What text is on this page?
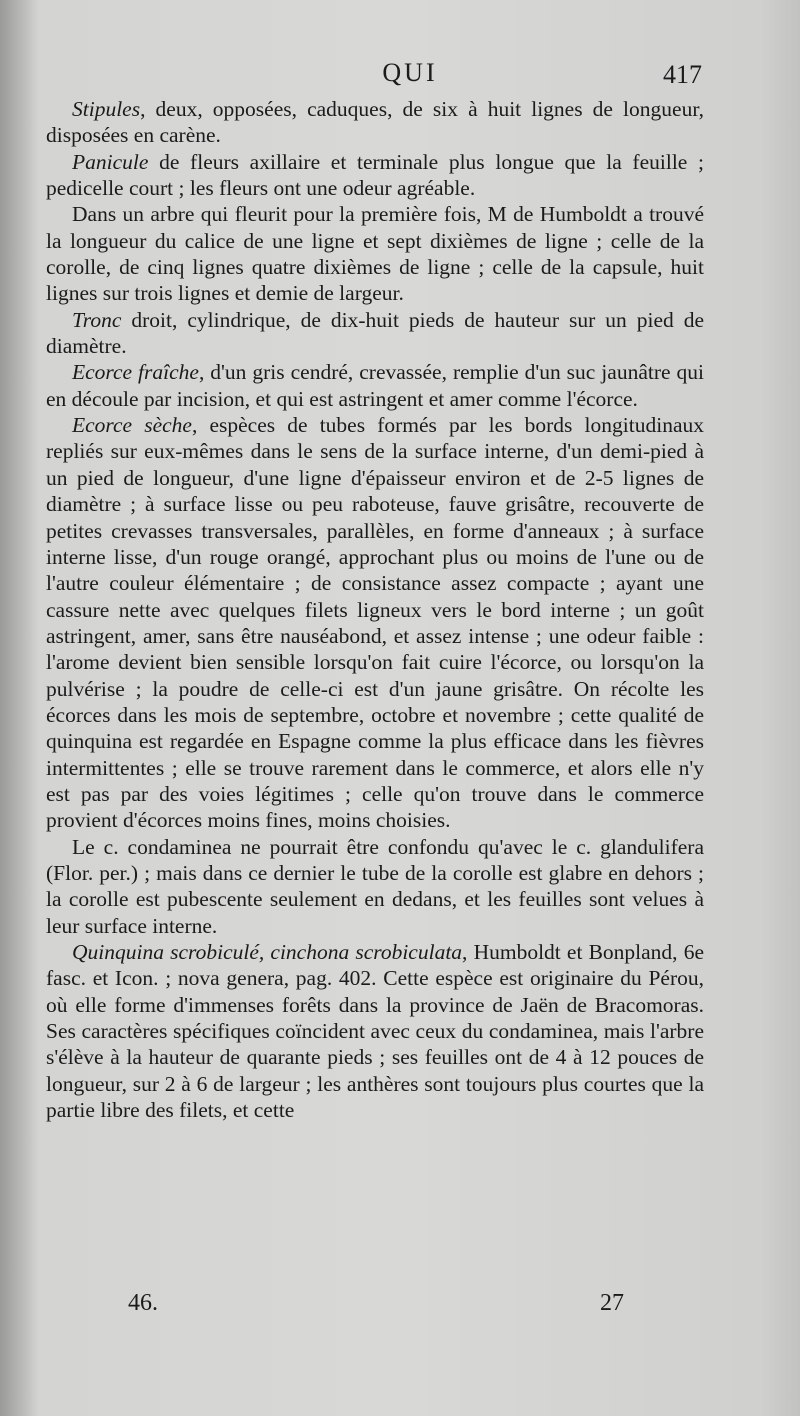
QUI	417

Stipules, deux, opposées, caduques, de six à huit lignes de longueur, disposées en carène.

Panicule de fleurs axillaire et terminale plus longue que la feuille ; pedicelle court ; les fleurs ont une odeur agréable.

Dans un arbre qui fleurit pour la première fois, M de Humboldt a trouvé la longueur du calice de une ligne et sept dixièmes de ligne ; celle de la corolle, de cinq lignes quatre dixièmes de ligne ; celle de la capsule, huit lignes sur trois lignes et demie de largeur.

Tronc droit, cylindrique, de dix-huit pieds de hauteur sur un pied de diamètre.

Ecorce fraîche, d'un gris cendré, crevassée, remplie d'un suc jaunâtre qui en découle par incision, et qui est astringent et amer comme l'écorce.

Ecorce sèche, espèces de tubes formés par les bords longitudinaux repliés sur eux-mêmes dans le sens de la surface interne, d'un demi-pied à un pied de longueur, d'une ligne d'épaisseur environ et de 2-5 lignes de diamètre ; à surface lisse ou peu raboteuse, fauve grisâtre, recouverte de petites crevasses transversales, parallèles, en forme d'anneaux ; à surface interne lisse, d'un rouge orangé, approchant plus ou moins de l'une ou de l'autre couleur élémentaire ; de consistance assez compacte ; ayant une cassure nette avec quelques filets ligneux vers le bord interne ; un goût astringent, amer, sans être nauséabond, et assez intense ; une odeur faible : l'arome devient bien sensible lorsqu'on fait cuire l'écorce, ou lorsqu'on la pulvérise ; la poudre de celle-ci est d'un jaune grisâtre. On récolte les écorces dans les mois de septembre, octobre et novembre ; cette qualité de quinquina est regardée en Espagne comme la plus efficace dans les fièvres intermittentes ; elle se trouve rarement dans le commerce, et alors elle n'y est pas par des voies légitimes ; celle qu'on trouve dans le commerce provient d'écorces moins fines, moins choisies.

Le c. condaminea ne pourrait être confondu qu'avec le c. glandulifera (Flor. per.) ; mais dans ce dernier le tube de la corolle est glabre en dehors ; la corolle est pubescente seulement en dedans, et les feuilles sont velues à leur surface interne.

Quinquina scrobiculé, cinchona scrobiculata, Humboldt et Bonpland, 6e fasc. et Icon. ; nova genera, pag. 402. Cette espèce est originaire du Pérou, où elle forme d'immenses forêts dans la province de Jaën de Bracomoras. Ses caractères spécifiques coïncident avec ceux du condaminea, mais l'arbre s'élève à la hauteur de quarante pieds ; ses feuilles ont de 4 à 12 pouces de longueur, sur 2 à 6 de largeur ; les anthères sont toujours plus courtes que la partie libre des filets, et cette

46.	27
